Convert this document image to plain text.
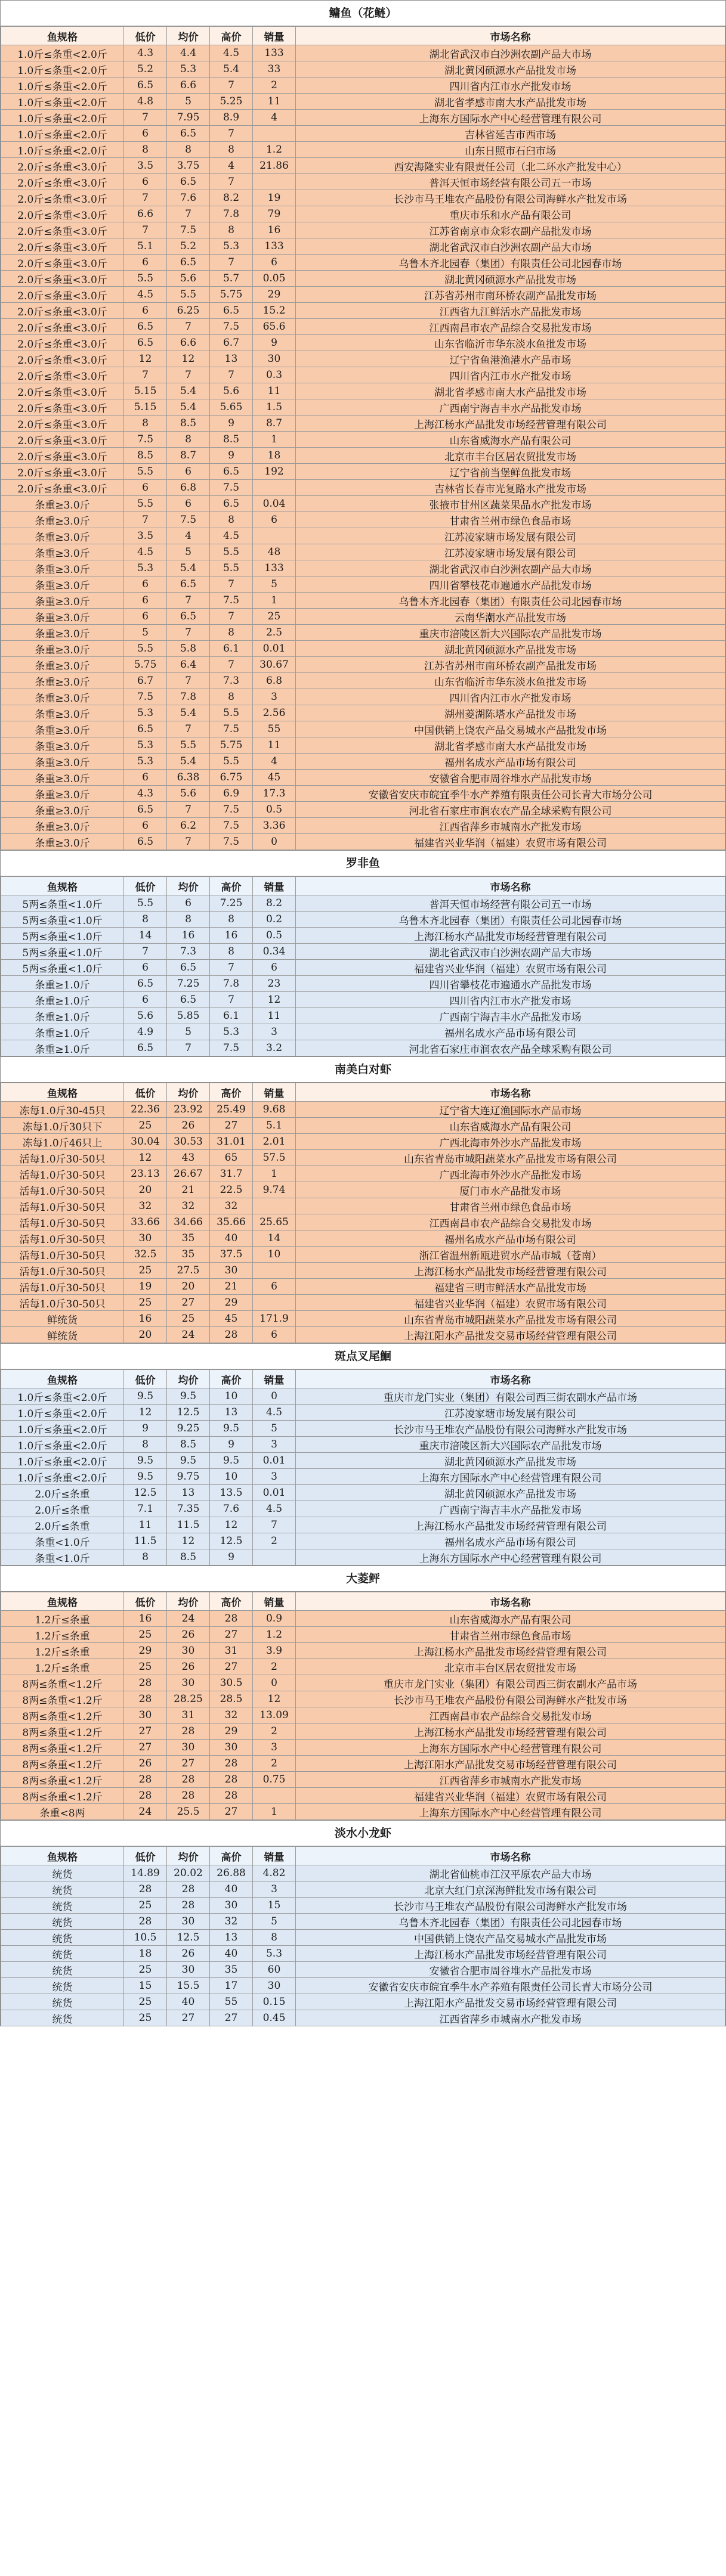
鳙鱼（花鲢）
鱼规格	低价	均价	高价	销量	市场名称
1.0斤≤条重<2.0斤	4.3	4.4	4.5	133	湖北省武汉市白沙洲农副产品大市场
1.0斤≤条重<2.0斤	5.2	5.3	5.4	33	湖北黄冈硕源水产品批发市场
1.0斤≤条重<2.0斤	6.5	6.6	7	2	四川省内江市水产批发市场
1.0斤≤条重<2.0斤	4.8	5	5.25	11	湖北省孝感市南大水产品批发市场
1.0斤≤条重<2.0斤	7	7.95	8.9	4	上海东方国际水产中心经营管理有限公司
1.0斤≤条重<2.0斤	6	6.5	7		吉林省延吉市西市场
1.0斤≤条重<2.0斤	8	8	8	1.2	山东日照市石臼市场
2.0斤≤条重<3.0斤	3.5	3.75	4	21.86	西安海隆实业有限责任公司（北二环水产批发中心）
2.0斤≤条重<3.0斤	6	6.5	7		普洱天恒市场经营有限公司五一市场
2.0斤≤条重<3.0斤	7	7.6	8.2	19	长沙市马王堆农产品股份有限公司海鲜水产批发市场
2.0斤≤条重<3.0斤	6.6	7	7.8	79	重庆市乐和水产品有限公司
2.0斤≤条重<3.0斤	7	7.5	8	16	江苏省南京市众彩农副产品批发市场
2.0斤≤条重<3.0斤	5.1	5.2	5.3	133	湖北省武汉市白沙洲农副产品大市场
2.0斤≤条重<3.0斤	6	6.5	7	6	乌鲁木齐北园春（集团）有限责任公司北园春市场
2.0斤≤条重<3.0斤	5.5	5.6	5.7	0.05	湖北黄冈硕源水产品批发市场
2.0斤≤条重<3.0斤	4.5	5.5	5.75	29	江苏省苏州市南环桥农副产品批发市场
2.0斤≤条重<3.0斤	6	6.25	6.5	15.2	江西省九江鲜活水产品批发市场
2.0斤≤条重<3.0斤	6.5	7	7.5	65.6	江西南昌市农产品综合交易批发市场
2.0斤≤条重<3.0斤	6.5	6.6	6.7	9	山东省临沂市华东淡水鱼批发市场
2.0斤≤条重<3.0斤	12	12	13	30	辽宁省鱼港渔港水产品市场
2.0斤≤条重<3.0斤	7	7	7	0.3	四川省内江市水产批发市场
2.0斤≤条重<3.0斤	5.15	5.4	5.6	11	湖北省孝感市南大水产品批发市场
2.0斤≤条重<3.0斤	5.15	5.4	5.65	1.5	广西南宁海吉丰水产品批发市场
2.0斤≤条重<3.0斤	8	8.5	9	8.7	上海江杨水产品批发市场经营管理有限公司
2.0斤≤条重<3.0斤	7.5	8	8.5	1	山东省威海水产品有限公司
2.0斤≤条重<3.0斤	8.5	8.7	9	18	北京市丰台区居农贸批发市场
2.0斤≤条重<3.0斤	5.5	6	6.5	192	辽宁省前当堡鲜鱼批发市场
2.0斤≤条重<3.0斤	6	6.8	7.5		吉林省长春市光复路水产批发市场
条重≥3.0斤	5.5	6	6.5	0.04	张掖市甘州区蔬菜果品水产批发市场
条重≥3.0斤	7	7.5	8	6	甘肃省兰州市绿色食品市场
条重≥3.0斤	3.5	4	4.5		江苏凌家塘市场发展有限公司
条重≥3.0斤	4.5	5	5.5	48	江苏凌家塘市场发展有限公司
条重≥3.0斤	5.3	5.4	5.5	133	湖北省武汉市白沙洲农副产品大市场
条重≥3.0斤	6	6.5	7	5	四川省攀枝花市遍通水产品批发市场
条重≥3.0斤	6	7	7.5	1	乌鲁木齐北园春（集团）有限责任公司北园春市场
条重≥3.0斤	6	6.5	7	25	云南华潮水产品批发市场
条重≥3.0斤	5	7	8	2.5	重庆市涪陵区新大兴国际农产品批发市场
条重≥3.0斤	5.5	5.8	6.1	0.01	湖北黄冈硕源水产品批发市场
条重≥3.0斤	5.75	6.4	7	30.67	江苏省苏州市南环桥农副产品批发市场
条重≥3.0斤	6.7	7	7.3	6.8	山东省临沂市华东淡水鱼批发市场
条重≥3.0斤	7.5	7.8	8	3	四川省内江市水产批发市场
条重≥3.0斤	5.3	5.4	5.5	2.56	湖州菱湖陈塔水产品批发市场
条重≥3.0斤	6.5	7	7.5	55	中国供销上饶农产品交易城水产品批发市场
条重≥3.0斤	5.3	5.5	5.75	11	湖北省孝感市南大水产品批发市场
条重≥3.0斤	5.3	5.4	5.5	4	福州名成水产品市场有限公司
条重≥3.0斤	6	6.38	6.75	45	安徽省合肥市周谷堆水产品批发市场
条重≥3.0斤	4.3	5.6	6.9	17.3	安徽省安庆市皖宜季牛水产养殖有限责任公司长青大市场分公司
条重≥3.0斤	6.5	7	7.5	0.5	河北省石家庄市润农农产品全球采购有限公司
条重≥3.0斤	6	6.2	7.5	3.36	江西省萍乡市城南水产批发市场
条重≥3.0斤	6.5	7	7.5	0	福建省兴业华润（福建）农贸市场有限公司
罗非鱼
鱼规格	低价	均价	高价	销量	市场名称
5两≤条重<1.0斤	5.5	6	7.25	8.2	普洱天恒市场经营有限公司五一市场
5两≤条重<1.0斤	8	8	8	0.2	乌鲁木齐北园春（集团）有限责任公司北园春市场
5两≤条重<1.0斤	14	16	16	0.5	上海江杨水产品批发市场经营管理有限公司
5两≤条重<1.0斤	7	7.3	8	0.34	湖北省武汉市白沙洲农副产品大市场
5两≤条重<1.0斤	6	6.5	7	6	福建省兴业华润（福建）农贸市场有限公司
条重≥1.0斤	6.5	7.25	7.8	23	四川省攀枝花市遍通水产品批发市场
条重≥1.0斤	6	6.5	7	12	四川省内江市水产批发市场
条重≥1.0斤	5.6	5.85	6.1	11	广西南宁海吉丰水产品批发市场
条重≥1.0斤	4.9	5	5.3	3	福州名成水产品市场有限公司
条重≥1.0斤	6.5	7	7.5	3.2	河北省石家庄市润农农产品全球采购有限公司
南美白对虾
鱼规格	低价	均价	高价	销量	市场名称
冻每1.0斤30-45只	22.36	23.92	25.49	9.68	辽宁省大连辽渔国际水产品市场
冻每1.0斤30只下	25	26	27	5.1	山东省威海水产品有限公司
冻每1.0斤46只上	30.04	30.53	31.01	2.01	广西北海市外沙水产品批发市场
活每1.0斤30-50只	12	43	65	57.5	山东省青岛市城阳蔬菜水产品批发市场有限公司
活每1.0斤30-50只	23.13	26.67	31.7	1	广西北海市外沙水产品批发市场
活每1.0斤30-50只	20	21	22.5	9.74	厦门市水产品批发市场
活每1.0斤30-50只	32	32	32		甘肃省兰州市绿色食品市场
活每1.0斤30-50只	33.66	34.66	35.66	25.65	江西南昌市农产品综合交易批发市场
活每1.0斤30-50只	30	35	40	14	福州名成水产品市场有限公司
活每1.0斤30-50只	32.5	35	37.5	10	浙江省温州新瓯进贸水产品市城（苍南）
活每1.0斤30-50只	25	27.5	30		上海江杨水产品批发市场经营管理有限公司
活每1.0斤30-50只	19	20	21	6	福建省三明市鲜活水产品批发市场
活每1.0斤30-50只	25	27	29		福建省兴业华润（福建）农贸市场有限公司
鲜统货	16	25	45	171.9	山东省青岛市城阳蔬菜水产品批发市场有限公司
鲜统货	20	24	28	6	上海江阳水产品批发交易市场经营管理有限公司
斑点叉尾鮰
鱼规格	低价	均价	高价	销量	市场名称
1.0斤≤条重<2.0斤	9.5	9.5	10	0	重庆市龙门实业（集团）有限公司西三街农副水产品市场
1.0斤≤条重<2.0斤	12	12.5	13	4.5	江苏凌家塘市场发展有限公司
1.0斤≤条重<2.0斤	9	9.25	9.5	5	长沙市马王堆农产品股份有限公司海鲜水产批发市场
1.0斤≤条重<2.0斤	8	8.5	9	3	重庆市涪陵区新大兴国际农产品批发市场
1.0斤≤条重<2.0斤	9.5	9.5	9.5	0.01	湖北黄冈硕源水产品批发市场
1.0斤≤条重<2.0斤	9.5	9.75	10	3	上海东方国际水产中心经营管理有限公司
2.0斤≤条重	12.5	13	13.5	0.01	湖北黄冈硕源水产品批发市场
2.0斤≤条重	7.1	7.35	7.6	4.5	广西南宁海吉丰水产品批发市场
2.0斤≤条重	11	11.5	12	7	上海江杨水产品批发市场经营管理有限公司
条重<1.0斤	11.5	12	12.5	2	福州名成水产品市场有限公司
条重<1.0斤	8	8.5	9		上海东方国际水产中心经营管理有限公司
大菱鲆
鱼规格	低价	均价	高价	销量	市场名称
1.2斤≤条重	16	24	28	0.9	山东省威海水产品有限公司
1.2斤≤条重	25	26	27	1.2	甘肃省兰州市绿色食品市场
1.2斤≤条重	29	30	31	3.9	上海江杨水产品批发市场经营管理有限公司
1.2斤≤条重	25	26	27	2	北京市丰台区居农贸批发市场
8两≤条重<1.2斤	28	30	30.5	0	重庆市龙门实业（集团）有限公司西三街农副水产品市场
8两≤条重<1.2斤	28	28.25	28.5	12	长沙市马王堆农产品股份有限公司海鲜水产批发市场
8两≤条重<1.2斤	30	31	32	13.09	江西南昌市农产品综合交易批发市场
8两≤条重<1.2斤	27	28	29	2	上海江杨水产品批发市场经营管理有限公司
8两≤条重<1.2斤	27	30	30	3	上海东方国际水产中心经营管理有限公司
8两≤条重<1.2斤	26	27	28	2	上海江阳水产品批发交易市场经营管理有限公司
8两≤条重<1.2斤	28	28	28	0.75	江西省萍乡市城南水产批发市场
8两≤条重<1.2斤	28	28	28		福建省兴业华润（福建）农贸市场有限公司
条重<8两	24	25.5	27	1	上海东方国际水产中心经营管理有限公司
淡水小龙虾
鱼规格	低价	均价	高价	销量	市场名称
统货	14.89	20.02	26.88	4.82	湖北省仙桃市江汉平原农产品大市场
统货	28	28	40	3	北京大红门京深海鲜批发市场有限公司
统货	25	28	30	15	长沙市马王堆农产品股份有限公司海鲜水产批发市场
统货	28	30	32	5	乌鲁木齐北园春（集团）有限责任公司北园春市场
统货	10.5	12.5	13	8	中国供销上饶农产品交易城水产品批发市场
统货	18	26	40	5.3	上海江杨水产品批发市场经营管理有限公司
统货	25	30	35	60	安徽省合肥市周谷堆水产品批发市场
统货	15	15.5	17	30	安徽省安庆市皖宜季牛水产养殖有限责任公司长青大市场分公司
统货	25	40	55	0.15	上海江阳水产品批发交易市场经营管理有限公司
统货	25	27	27	0.45	江西省萍乡市城南水产批发市场
